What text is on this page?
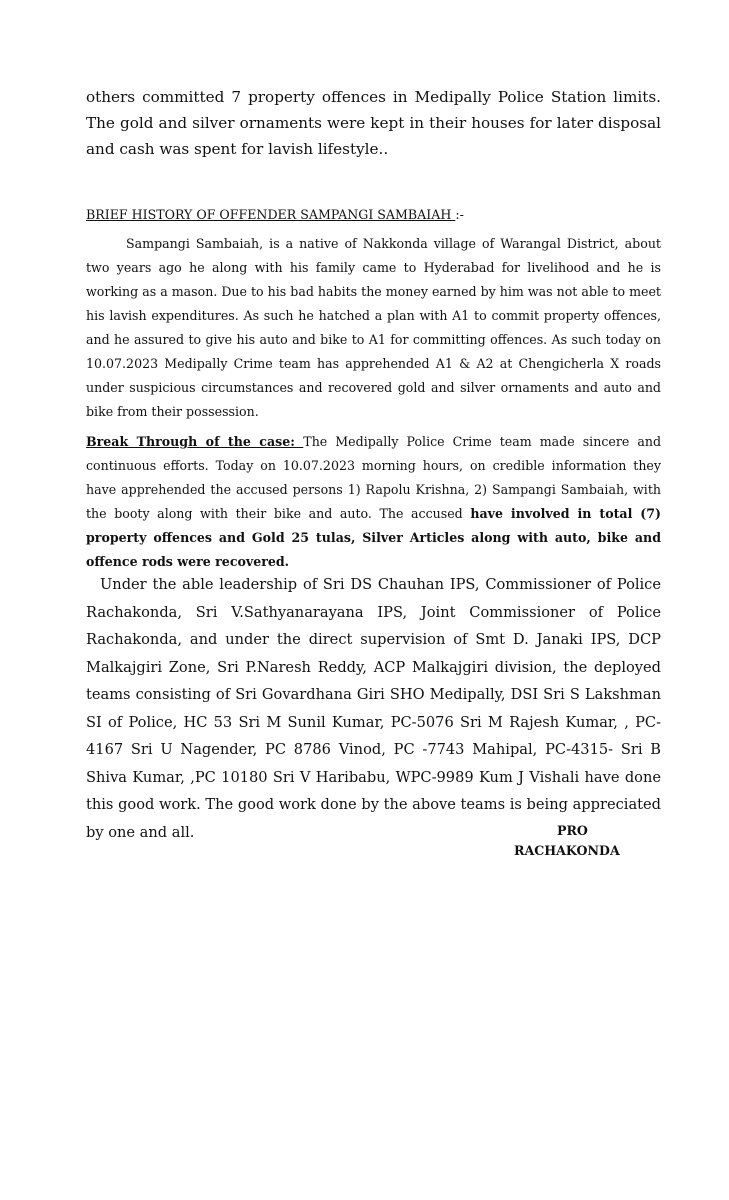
others committed 7 property offences in Medipally Police Station limits. The gold and silver ornaments were kept in their houses for later disposal and cash was spent for lavish lifestyle..

BRIEF HISTORY OF OFFENDER SAMPANGI SAMBAIAH :-

Sampangi Sambaiah, is a native of Nakkonda village of Warangal District, about two years ago he along with his family came to Hyderabad for livelihood and he is working as a mason. Due to his bad habits the money earned by him was not able to meet his lavish expenditures. As such he hatched a plan with A1 to commit property offences, and he assured to give his auto and bike to A1 for committing offences. As such today on 10.07.2023 Medipally Crime team has apprehended A1 & A2 at Chengicherla X roads under suspicious circumstances and recovered gold and silver ornaments and auto and bike from their possession.

Break Through of the case: The Medipally Police Crime team made sincere and continuous efforts. Today on 10.07.2023 morning hours, on credible information they have apprehended the accused persons 1) Rapolu Krishna, 2) Sampangi Sambaiah, with the booty along with their bike and auto. The accused have involved in total (7) property offences and Gold 25 tulas, Silver Articles along with auto, bike and offence rods were recovered.

Under the able leadership of Sri DS Chauhan IPS, Commissioner of Police Rachakonda, Sri V.Sathyanarayana IPS, Joint Commissioner of Police Rachakonda, and under the direct supervision of Smt D. Janaki IPS, DCP Malkajgiri Zone, Sri P.Naresh Reddy, ACP Malkajgiri division, the deployed teams consisting of Sri Govardhana Giri SHO Medipally, DSI Sri S Lakshman SI of Police, HC 53 Sri M Sunil Kumar, PC-5076 Sri M Rajesh Kumar, , PC- 4167 Sri U Nagender, PC 8786 Vinod, PC -7743 Mahipal, PC-4315- Sri B Shiva Kumar, ,PC 10180 Sri V Haribabu, WPC-9989 Kum J Vishali have done this good work. The good work done by the above teams is being appreciated by one and all.	PRO
RACHAKONDA
